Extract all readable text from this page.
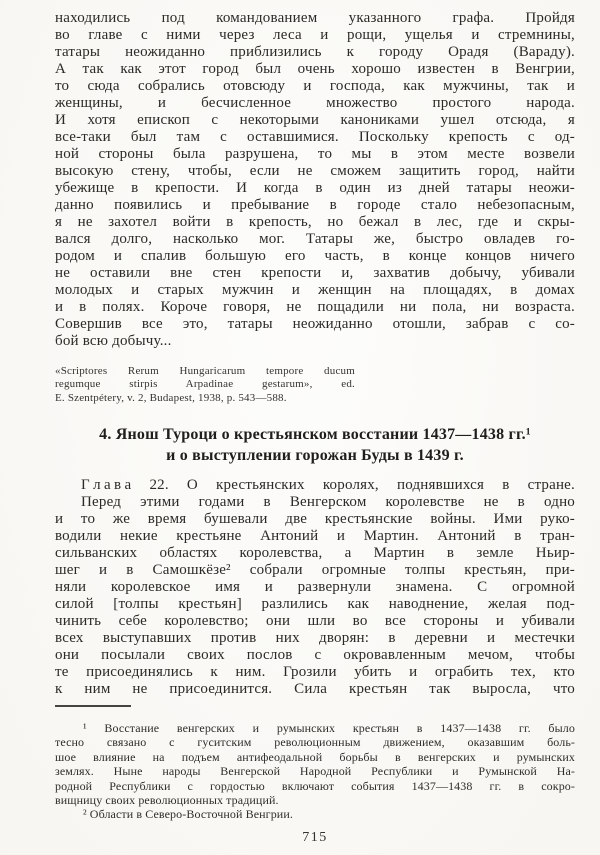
находились под командованием указанного графа. Пройдя
во главе с ними через леса и рощи, ущелья и стремнины,
татары неожиданно приблизились к городу Орадя (Вараду).
А так как этот город был очень хорошо известен в Венгрии,
то сюда собрались отовсюду и господа, как мужчины, так и
женщины, и бесчисленное множество простого народа.
И хотя епископ с некоторыми канониками ушел отсюда, я
все-таки был там с оставшимися. Поскольку крепость с од-
ной стороны была разрушена, то мы в этом месте возвели
высокую стену, чтобы, если не сможем защитить город, найти
убежище в крепости. И когда в один из дней татары неожи-
данно появились и пребывание в городе стало небезопасным,
я не захотел войти в крепость, но бежал в лес, где и скры-
вался долго, насколько мог. Татары же, быстро овладев го-
родом и спалив большую его часть, в конце концов ничего
не оставили вне стен крепости и, захватив добычу, убивали
молодых и старых мужчин и женщин на площадях, в домах
и в полях. Короче говоря, не пощадили ни пола, ни возраста.
Совершив все это, татары неожиданно отошли, забрав с со-
бой всю добычу...
«Scriptores Rerum Hungaricarum tempore ducum
regumque stirpis Arpadinae gestarum», ed.
E. Szentpétery, v. 2, Budapest, 1938, p. 543—588.
4. Янош Туроци о крестьянском восстании 1437—1438 гг.¹
и о выступлении горожан Буды в 1439 г.
Г л а в а 22. О крестьянских королях, поднявшихся в стране.
Перед этими годами в Венгерском королевстве не в одно
и то же время бушевали две крестьянские войны. Ими руко-
водили некие крестьяне Антоний и Мартин. Антоний в тран-
сильванских областях королевства, а Мартин в земле Ньир-
шег и в Самошкёзе² собрали огромные толпы крестьян, при-
няли королевское имя и развернули знамена. С огромной
силой [толпы крестьян] разлились как наводнение, желая под-
чинить себе королевство; они шли во все стороны и убивали
всех выступавших против них дворян: в деревни и местечки
они посылали своих послов с окровавленным мечом, чтобы
те присоединялись к ним. Грозили убить и ограбить тех, кто
к ним не присоединится. Сила крестьян так выросла, что
¹ Восстание венгерских и румынских крестьян в 1437—1438 гг. было
тесно связано с гуситским революционным движением, оказавшим боль-
шое влияние на подъем антифеодальной борьбы в венгерских и румынских
землях. Ныне народы Венгерской Народной Республики и Румынской На-
родной Республики с гордостью включают события 1437—1438 гг. в сокро-
вищницу своих революционных традиций.
² Области в Северо-Восточной Венгрии.
715
